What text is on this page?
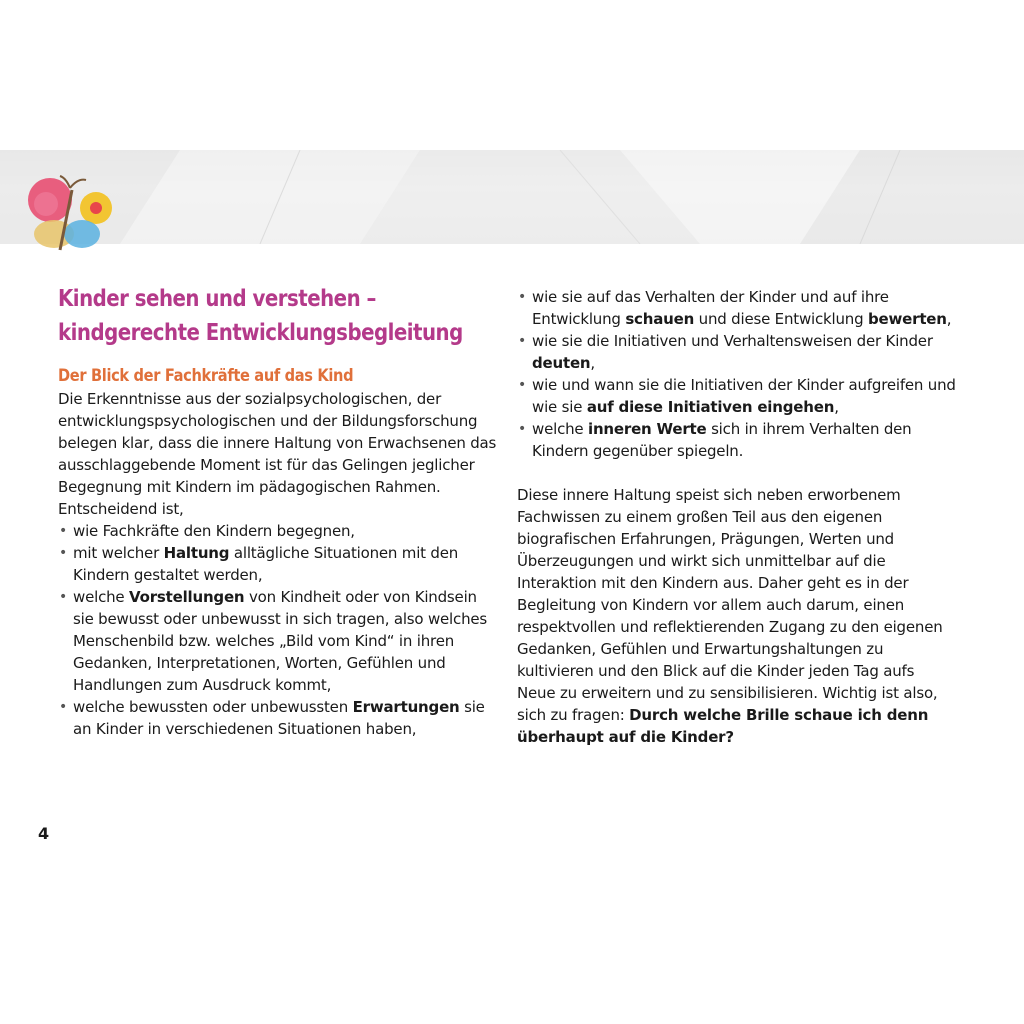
Kinder sehen und verstehen –
kindgerechte Entwicklungsbegleitung
Der Blick der Fachkräfte auf das Kind

Die Erkenntnisse aus der sozialpsychologischen, der entwicklungspsychologischen und der Bildungsforschung belegen klar, dass die innere Haltung von Erwachsenen das ausschlaggebende Moment ist für das Gelingen jeglicher Begegnung mit Kindern im pädagogischen Rahmen. Entscheidend ist,

• wie Fachkräfte den Kindern begegnen,
• mit welcher Haltung alltägliche Situationen mit den Kindern gestaltet werden,
• welche Vorstellungen von Kindheit oder von Kindsein sie bewusst oder unbewusst in sich tragen, also welches Menschenbild bzw. welches „Bild vom Kind“ in ihren Gedanken, Interpretationen, Worten, Gefühlen und Handlungen zum Ausdruck kommt,
• welche bewussten oder unbewussten Erwartungen sie an Kinder in verschiedenen Situationen haben,
• wie sie auf das Verhalten der Kinder und auf ihre Entwicklung schauen und diese Entwicklung bewerten,
• wie sie die Initiativen und Verhaltensweisen der Kinder deuten,
• wie und wann sie die Initiativen der Kinder aufgreifen und wie sie auf diese Initiativen eingehen,
• welche inneren Werte sich in ihrem Verhalten den Kindern gegenüber spiegeln.

Diese innere Haltung speist sich neben erworbenem Fachwissen zu einem großen Teil aus den eigenen biografischen Erfahrungen, Prägungen, Werten und Überzeugungen und wirkt sich unmittelbar auf die Interaktion mit den Kindern aus. Daher geht es in der Begleitung von Kindern vor allem auch darum, einen respektvollen und reflektierenden Zugang zu den eigenen Gedanken, Gefühlen und Erwartungshaltungen zu kultivieren und den Blick auf die Kinder jeden Tag aufs Neue zu erweitern und zu sensibilisieren. Wichtig ist also, sich zu fragen: Durch welche Brille schaue ich denn überhaupt auf die Kinder?

4
